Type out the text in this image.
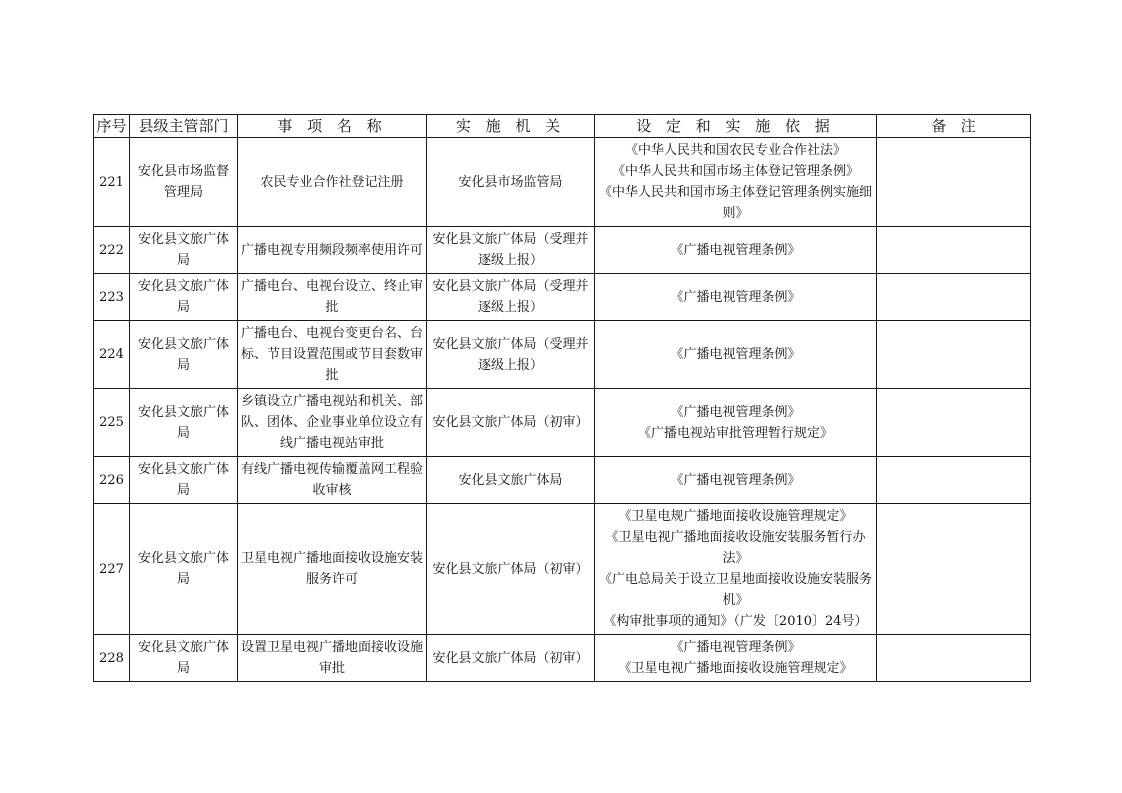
序号	县级主管部门	事 项 名 称	实 施 机 关	设 定 和 实 施 依 据	备   注
221	安化县市场监督管理局	农民专业合作社登记注册	安化县市场监管局	《中华人民共和国农民专业合作社法》
《中华人民共和国市场主体登记管理条例》
《中华人民共和国市场主体登记管理条例实施细则》	

222	安化县文旅广体局	广播电视专用频段频率使用许可	安化县文旅广体局（受理并逐级上报）	《广播电视管理条例》	

223	安化县文旅广体局	广播电台、电视台设立、终止审批	安化县文旅广体局（受理并逐级上报）	《广播电视管理条例》	

224	安化县文旅广体局	广播电台、电视台变更台名、台标、节目设置范围或节目套数审批	安化县文旅广体局（受理并逐级上报）	《广播电视管理条例》	

225	安化县文旅广体局	乡镇设立广播电视站和机关、部队、团体、企业事业单位设立有线广播电视站审批	安化县文旅广体局（初审）	《广播电视管理条例》
《广播电视站审批管理暂行规定》	

226	安化县文旅广体局	有线广播电视传输覆盖网工程验收审核	安化县文旅广体局	《广播电视管理条例》	

227	安化县文旅广体局	卫星电视广播地面接收设施安装服务许可	安化县文旅广体局（初审）	《卫星电规广播地面接收设施管理规定》
《卫星电视广播地面接收设施安装服务暂行办法》
《广电总局关于设立卫星地面接收设施安装服务机》
《构审批事项的通知》（广发〔2010〕24号）	

228	安化县文旅广体局	设置卫星电视广播地面接收设施审批	安化县文旅广体局（初审）	《广播电视管理条例》
《卫星电视广播地面接收设施管理规定》	
